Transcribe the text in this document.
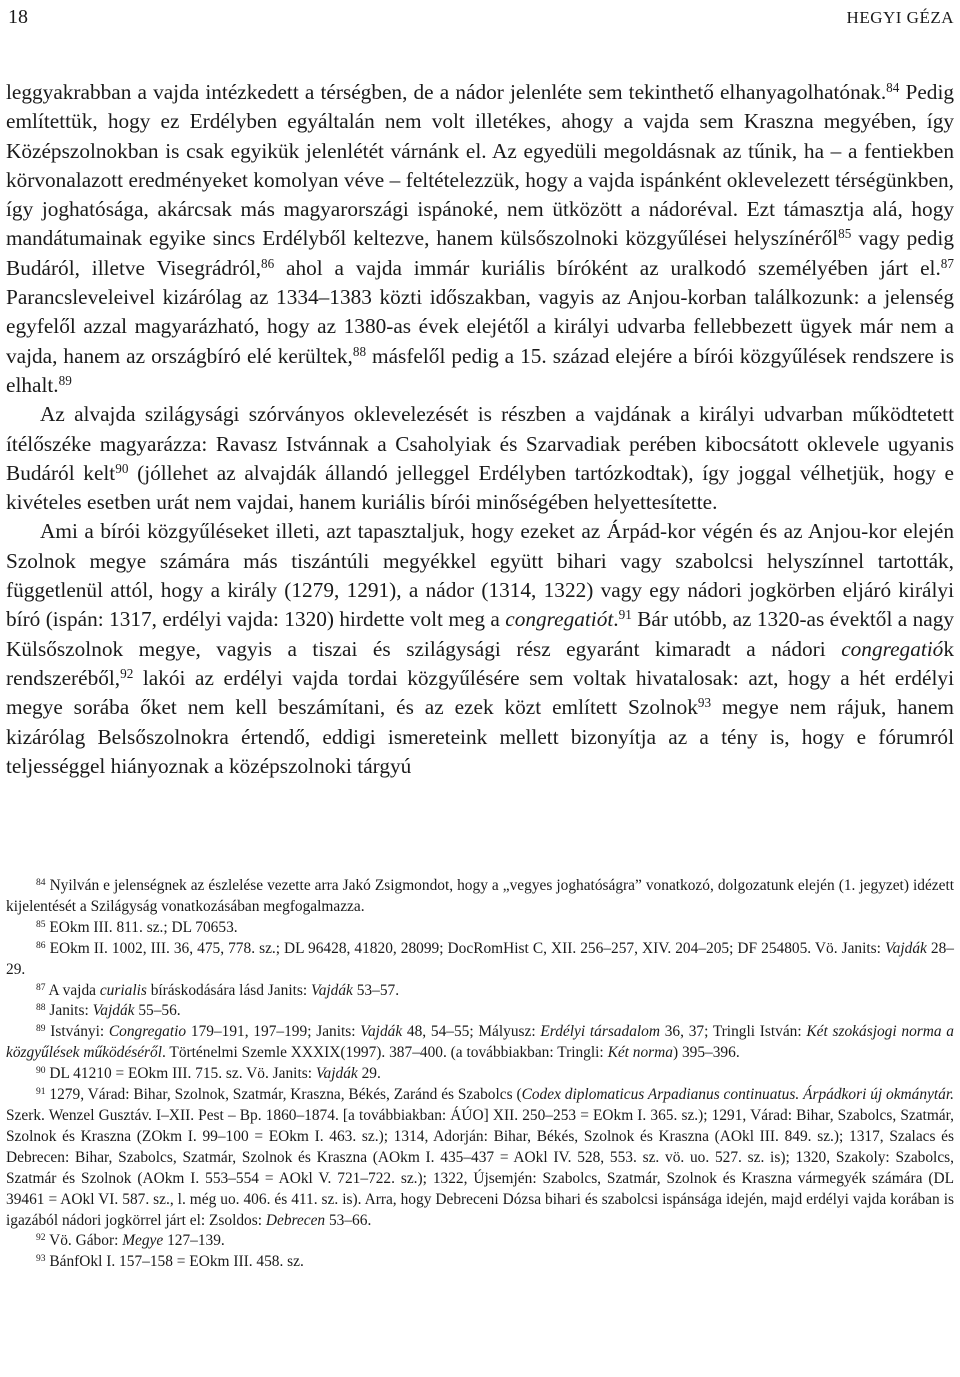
18	HEGYI GÉZA

leggyakrabban a vajda intézkedett a térségben, de a nádor jelenléte sem tekinthető elhanyagolhatónak.$^{84}$ Pedig említettük, hogy ez Erdélyben egyáltalán nem volt illetékes, ahogy a vajda sem Kraszna megyében, így Középszolnokban is csak egyikük jelenlétét várnánk el. Az egyedüli megoldásnak az tűnik, ha – a fentiekben körvonalazott eredményeket komolyan véve – feltételezzük, hogy a vajda ispánként oklevelezett térségünkben, így joghatósága, akárcsak más magyarországi ispánoké, nem ütközött a nádoréval. Ezt támasztja alá, hogy mandátumainak egyike sincs Erdélyből keltezve, hanem külsőszolnoki közgyűlései helyszínéről$^{85}$ vagy pedig Budáról, illetve Visegrádról,$^{86}$ ahol a vajda immár kuriális bíróként az uralkodó személyében járt el.$^{87}$ Parancsleveleivel kizárólag az 1334–1383 közti időszakban, vagyis az Anjou-korban találkozunk: a jelenség egyfelől azzal magyarázható, hogy az 1380-as évek elejétől a királyi udvarba fellebbezett ügyek már nem a vajda, hanem az országbíró elé kerültek,$^{88}$ másfelől pedig a 15. század elejére a bírói közgyűlések rendszere is elhalt.$^{89}$

Az alvajda szilágysági szórványos oklevelezését is részben a vajdának a királyi udvarban működtetett ítélőszéke magyarázza: Ravasz Istvánnak a Csaholyiak és Szarvadiak perében kibocsátott oklevele ugyanis Budáról kelt$^{90}$ (jóllehet az alvajdák állandó jelleggel Erdélyben tartózkodtak), így joggal vélhetjük, hogy e kivételes esetben urát nem vajdai, hanem kuriális bírói minőségében helyettesítette.

Ami a bírói közgyűléseket illeti, azt tapasztaljuk, hogy ezeket az Árpád-kor végén és az Anjou-kor elején Szolnok megye számára más tiszántúli megyékkel együtt bihari vagy szabolcsi helyszínnel tartották, függetlenül attól, hogy a király (1279, 1291), a nádor (1314, 1322) vagy egy nádori jogkörben eljáró királyi bíró (ispán: 1317, erdélyi vajda: 1320) hirdette volt meg a congregatiót.$^{91}$ Bár utóbb, az 1320-as évektől a nagy Külsőszolnok megye, vagyis a tiszai és szilágysági rész egyaránt kimaradt a nádori congregatiók rendszeréből,$^{92}$ lakói az erdélyi vajda tordai közgyűlésére sem voltak hivatalosak: azt, hogy a hét erdélyi megye sorába őket nem kell beszámítani, és az ezek közt említett Szolnok$^{93}$ megye nem rájuk, hanem kizárólag Belsőszolnokra értendő, eddigi ismereteink mellett bizonyítja az a tény is, hogy e fórumról teljességgel hiányoznak a középszolnoki tárgyú

$^{84}$ Nyilván e jelenségnek az észlelése vezette arra Jakó Zsigmondot, hogy a „vegyes joghatóságra” vonatkozó, dolgozatunk elején (1. jegyzet) idézett kijelentését a Szilágyság vonatkozásában megfogalmazza.

$^{85}$ EOkm III. 811. sz.; DL 70653.

$^{86}$ EOkm II. 1002, III. 36, 475, 778. sz.; DL 96428, 41820, 28099; DocRomHist C, XII. 256–257, XIV. 204–205; DF 254805. Vö. Janits: Vajdák 28–29.

$^{87}$ A vajda curialis bíráskodására lásd Janits: Vajdák 53–57.

$^{88}$ Janits: Vajdák 55–56.

$^{89}$ Istványi: Congregatio 179–191, 197–199; Janits: Vajdák 48, 54–55; Mályusz: Erdélyi társadalom 36, 37; Tringli István: Két szokásjogi norma a közgyűlések működéséről. Történelmi Szemle XXXIX(1997). 387–400. (a továbbiakban: Tringli: Két norma) 395–396.

$^{90}$ DL 41210 = EOkm III. 715. sz. Vö. Janits: Vajdák 29.

$^{91}$ 1279, Várad: Bihar, Szolnok, Szatmár, Kraszna, Békés, Zaránd és Szabolcs (Codex diplomaticus Arpadianus continuatus. Árpádkori új okmánytár. Szerk. Wenzel Gusztáv. I–XII. Pest – Bp. 1860–1874. [a továbbiakban: ÁÚO] XII. 250–253 = EOkm I. 365. sz.); 1291, Várad: Bihar, Szabolcs, Szatmár, Szolnok és Kraszna (ZOkm I. 99–100 = EOkm I. 463. sz.); 1314, Adorján: Bihar, Békés, Szolnok és Kraszna (AOkl III. 849. sz.); 1317, Szalacs és Debrecen: Bihar, Szabolcs, Szatmár, Szolnok és Kraszna (AOkm I. 435–437 = AOkl IV. 528, 553. sz. vö. uo. 527. sz. is); 1320, Szakoly: Szabolcs, Szatmár és Szolnok (AOkm I. 553–554 = AOkl V. 721–722. sz.); 1322, Újsemjén: Szabolcs, Szatmár, Szolnok és Kraszna vármegyék számára (DL 39461 = AOkl VI. 587. sz., l. még uo. 406. és 411. sz. is). Arra, hogy Debreceni Dózsa bihari és szabolcsi ispánsága idején, majd erdélyi vajda korában is igazából nádori jogkörrel járt el: Zsoldos: Debrecen 53–66.

$^{92}$ Vö. Gábor: Megye 127–139.

$^{93}$ BánfOkl I. 157–158 = EOkm III. 458. sz.
